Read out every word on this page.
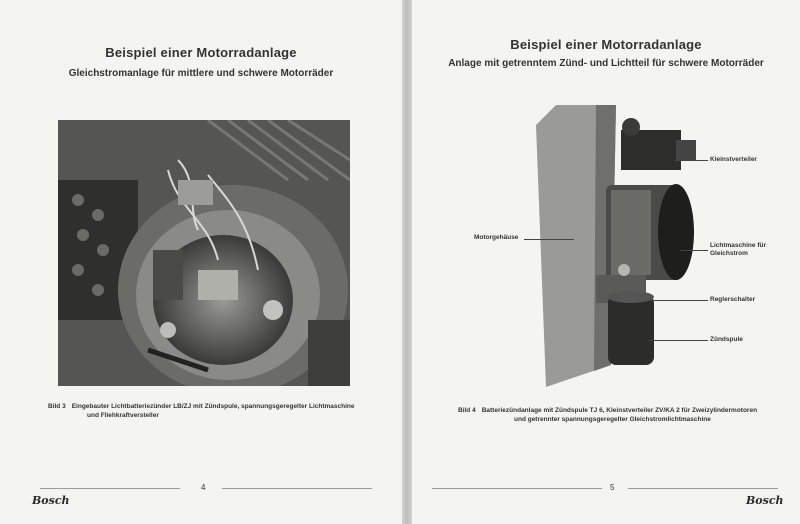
Beispiel einer Motorradanlage
Gleichstromanlage für mittlere und schwere Motorräder
Bild 3 Eingebauter Lichtbatteriezünder LB/ZJ mit Zündspule, spannungsgeregelter Lichtmaschine
und Fliehkraftversteller
4
Bosch
Beispiel einer Motorradanlage
Anlage mit getrenntem Zünd- und Lichtteil für schwere Motorräder
Kleinstverteiler
Motorgehäuse
Lichtmaschine für
Gleichstrom
Reglerschalter
Zündspule
Bild 4 Batteriezündanlage mit Zündspule TJ 6, Kleinstverteiler ZV/KA 2 für Zweizylindermotoren
und getrennter spannungsgeregelter Gleichstromlichtmaschine
5
Bosch
